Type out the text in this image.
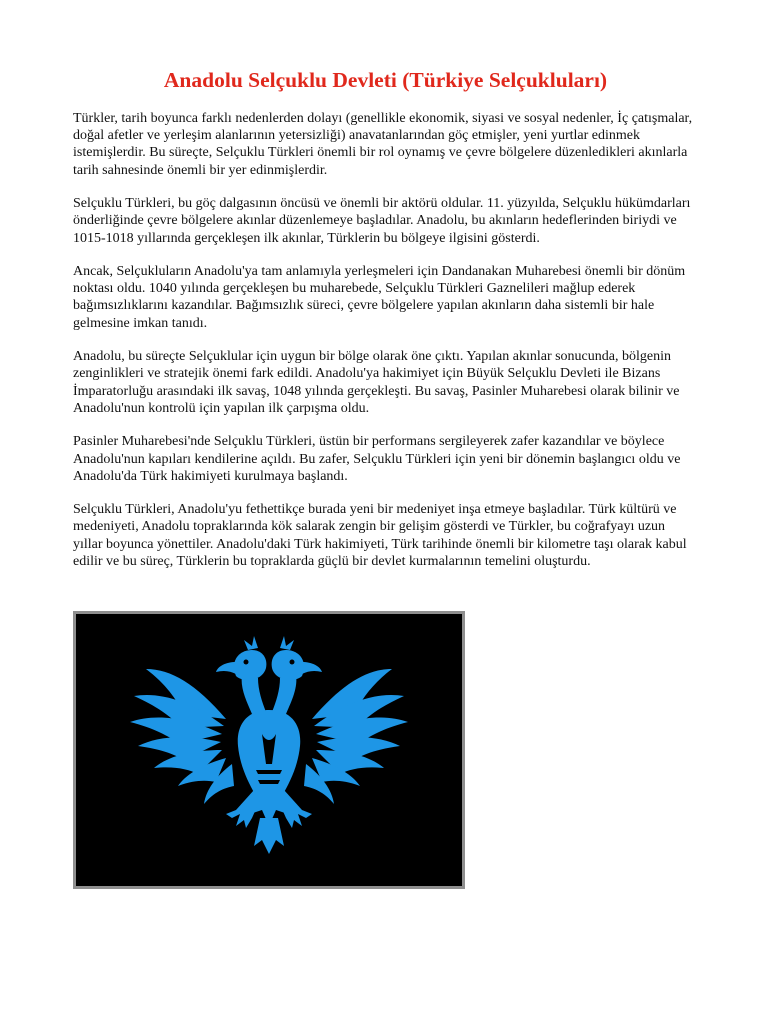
Anadolu Selçuklu Devleti (Türkiye Selçukluları)

Türkler, tarih boyunca farklı nedenlerden dolayı (genellikle ekonomik, siyasi ve sosyal nedenler, İç çatışmalar, doğal afetler ve yerleşim alanlarının yetersizliği) anavatanlarından göç etmişler, yeni yurtlar edinmek istemişlerdir. Bu süreçte, Selçuklu Türkleri önemli bir rol oynamış ve çevre bölgelere düzenledikleri akınlarla tarih sahnesinde önemli bir yer edinmişlerdir.

Selçuklu Türkleri, bu göç dalgasının öncüsü ve önemli bir aktörü oldular. 11. yüzyılda, Selçuklu hükümdarları önderliğinde çevre bölgelere akınlar düzenlemeye başladılar. Anadolu, bu akınların hedeflerinden biriydi ve 1015-1018 yıllarında gerçekleşen ilk akınlar, Türklerin bu bölgeye ilgisini gösterdi.

Ancak, Selçukluların Anadolu'ya tam anlamıyla yerleşmeleri için Dandanakan Muharebesi önemli bir dönüm noktası oldu. 1040 yılında gerçekleşen bu muharebede, Selçuklu Türkleri Gaznelileri mağlup ederek bağımsızlıklarını kazandılar. Bağımsızlık süreci, çevre bölgelere yapılan akınların daha sistemli bir hale gelmesine imkan tanıdı.

Anadolu, bu süreçte Selçuklular için uygun bir bölge olarak öne çıktı. Yapılan akınlar sonucunda, bölgenin zenginlikleri ve stratejik önemi fark edildi. Anadolu'ya hakimiyet için Büyük Selçuklu Devleti ile Bizans İmparatorluğu arasındaki ilk savaş, 1048 yılında gerçekleşti. Bu savaş, Pasinler Muharebesi olarak bilinir ve Anadolu'nun kontrolü için yapılan ilk çarpışma oldu.

Pasinler Muharebesi'nde Selçuklu Türkleri, üstün bir performans sergileyerek zafer kazandılar ve böylece Anadolu'nun kapıları kendilerine açıldı. Bu zafer, Selçuklu Türkleri için yeni bir dönemin başlangıcı oldu ve Anadolu'da Türk hakimiyeti kurulmaya başlandı.

Selçuklu Türkleri, Anadolu'yu fethettikçe burada yeni bir medeniyet inşa etmeye başladılar. Türk kültürü ve medeniyeti, Anadolu topraklarında kök salarak zengin bir gelişim gösterdi ve Türkler, bu coğrafyayı uzun yıllar boyunca yönettiler. Anadolu'daki Türk hakimiyeti, Türk tarihinde önemli bir kilometre taşı olarak kabul edilir ve bu süreç, Türklerin bu topraklarda güçlü bir devlet kurmalarının temelini oluşturdu.
